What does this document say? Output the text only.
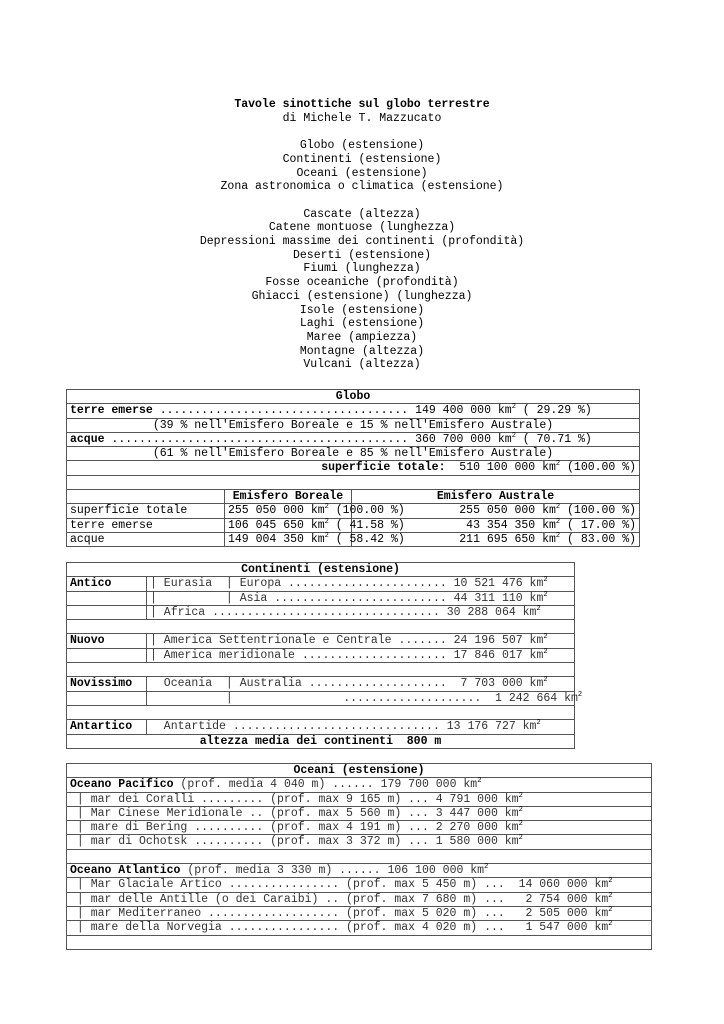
Tavole sinottiche sul globo terrestre
di Michele T. Mazzucato

Globo (estensione)
Continenti (estensione)
Oceani (estensione)
Zona astronomica o climatica (estensione)

Cascate (altezza)
Catene montuose (lunghezza)
Depressioni massime dei continenti (profondità)
Deserti (estensione)
Fiumi (lunghezza)
Fosse oceaniche (profondità)
Ghiacci (estensione) (lunghezza)
Isole (estensione)
Laghi (estensione)
Maree (ampiezza)
Montagne (altezza)
Vulcani (altezza)
Globo		
terre emerse .................................... 149 400 000 $km^2$ ( 29.29 %)		
(39 % nell'Emisfero Boreale e 15 % nell'Emisfero Australe)		
acque ........................................... 360 700 000 $km^2$ ( 70.71 %)		
(61 % nell'Emisfero Boreale e 85 % nell'Emisfero Australe)		
superficie totale:  510 100 000 $km^2$ (100.00 %)		

	Emisfero Boreale	Emisfero Australe
superficie totale	255 050 000 $km^2$ (100.00 %)	255 050 000 $km^2$ (100.00 %)
terre emerse	106 045 650 $km^2$ ( 41.58 %)	43 354 350 $km^2$ ( 17.00 %)
acque	149 004 350 $km^2$ ( 58.42 %)	211 695 650 $km^2$ ( 83.00 %)
Continenti (estensione)	
Antico	| Eurasia  | Europa ....................... 10 521 476 $km^2$
	|          | Asia ......................... 44 311 110 $km^2$
	| Africa ................................. 30 288 064 $km^2$

Nuovo	| America Settentrionale e Centrale ....... 24 196 507 $km^2$
	| America meridionale ..................... 17 846 017 $km^2$

Novissimo	Oceania  | Australia ....................  7 703 000 $km^2$
	|                ....................  1 242 664 $km^2$

Antartico	Antartide .............................. 13 176 727 $km^2$
altezza media dei continenti  800 m	
Oceani (estensione)
Oceano Pacifico (prof. media 4 040 m) ...... 179 700 000 $km^2$
| mar dei Coralli ......... (prof. max 9 165 m) ... 4 791 000 $km^2$
| Mar Cinese Meridionale .. (prof. max 5 560 m) ... 3 447 000 $km^2$
| mare di Bering .......... (prof. max 4 191 m) ... 2 270 000 $km^2$
| mar di Ochotsk .......... (prof. max 3 372 m) ... 1 580 000 $km^2$

Oceano Atlantico (prof. media 3 330 m) ...... 106 100 000 $km^2$
| Mar Glaciale Artico ................ (prof. max 5 450 m) ...  14 060 000 $km^2$
| mar delle Antille (o dei Caraibi) .. (prof. max 7 680 m) ...   2 754 000 $km^2$
| mar Mediterraneo ................... (prof. max 5 020 m) ...   2 505 000 $km^2$
| mare della Norvegia ................ (prof. max 4 020 m) ...   1 547 000 $km^2$
